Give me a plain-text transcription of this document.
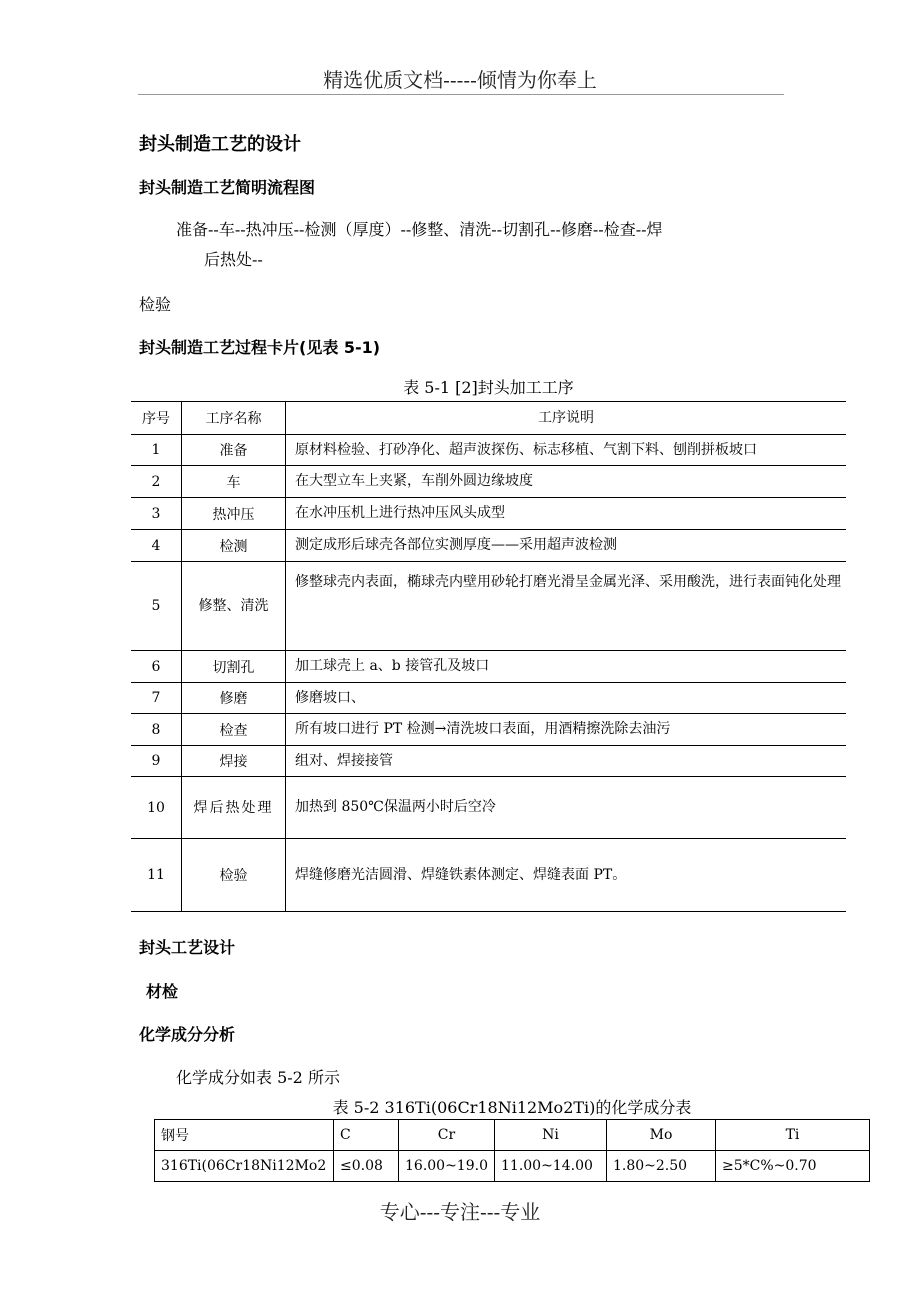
精选优质文档-----倾情为你奉上
封头制造工艺的设计
封头制造工艺简明流程图
准备--车--热冲压--检测（厚度）--修整、清洗--切割孔--修磨--检查--焊
后热处--
检验
封头制造工艺过程卡片(见表 5-1)
表 5-1 [2]封头加工工序
序号	工序名称	工序说明
1	准备	原材料检验、打砂净化、超声波探伤、标志移植、气割下料、刨削拼板坡口
2	车	在大型立车上夹紧，车削外圆边缘坡度
3	热冲压	在水冲压机上进行热冲压风头成型
4	检测	测定成形后球壳各部位实测厚度——采用超声波检测
5	修整、清洗	修整球壳内表面，椭球壳内壁用砂轮打磨光滑呈金属光泽、采用酸洗，进行表面钝化处理
6	切割孔	加工球壳上 a、b 接管孔及坡口
7	修磨	修磨坡口、
8	检查	所有坡口进行 PT 检测→清洗坡口表面，用酒精擦洗除去油污
9	焊接	组对、焊接接管
10	焊后热处理	加热到 850℃保温两小时后空冷
11	检验	焊缝修磨光洁圆滑、焊缝铁素体测定、焊缝表面 PT。
封头工艺设计
材检
化学成分分析
化学成分如表 5-2 所示
表 5-2 316Ti(06Cr18Ni12Mo2Ti)的化学成分表
钢号	C	Cr	Ni	Mo	Ti
316Ti(06Cr18Ni12Mo2	≤0.08	16.00~19.0	11.00~14.00	1.80~2.50	≥5*C%~0.70
专心---专注---专业
